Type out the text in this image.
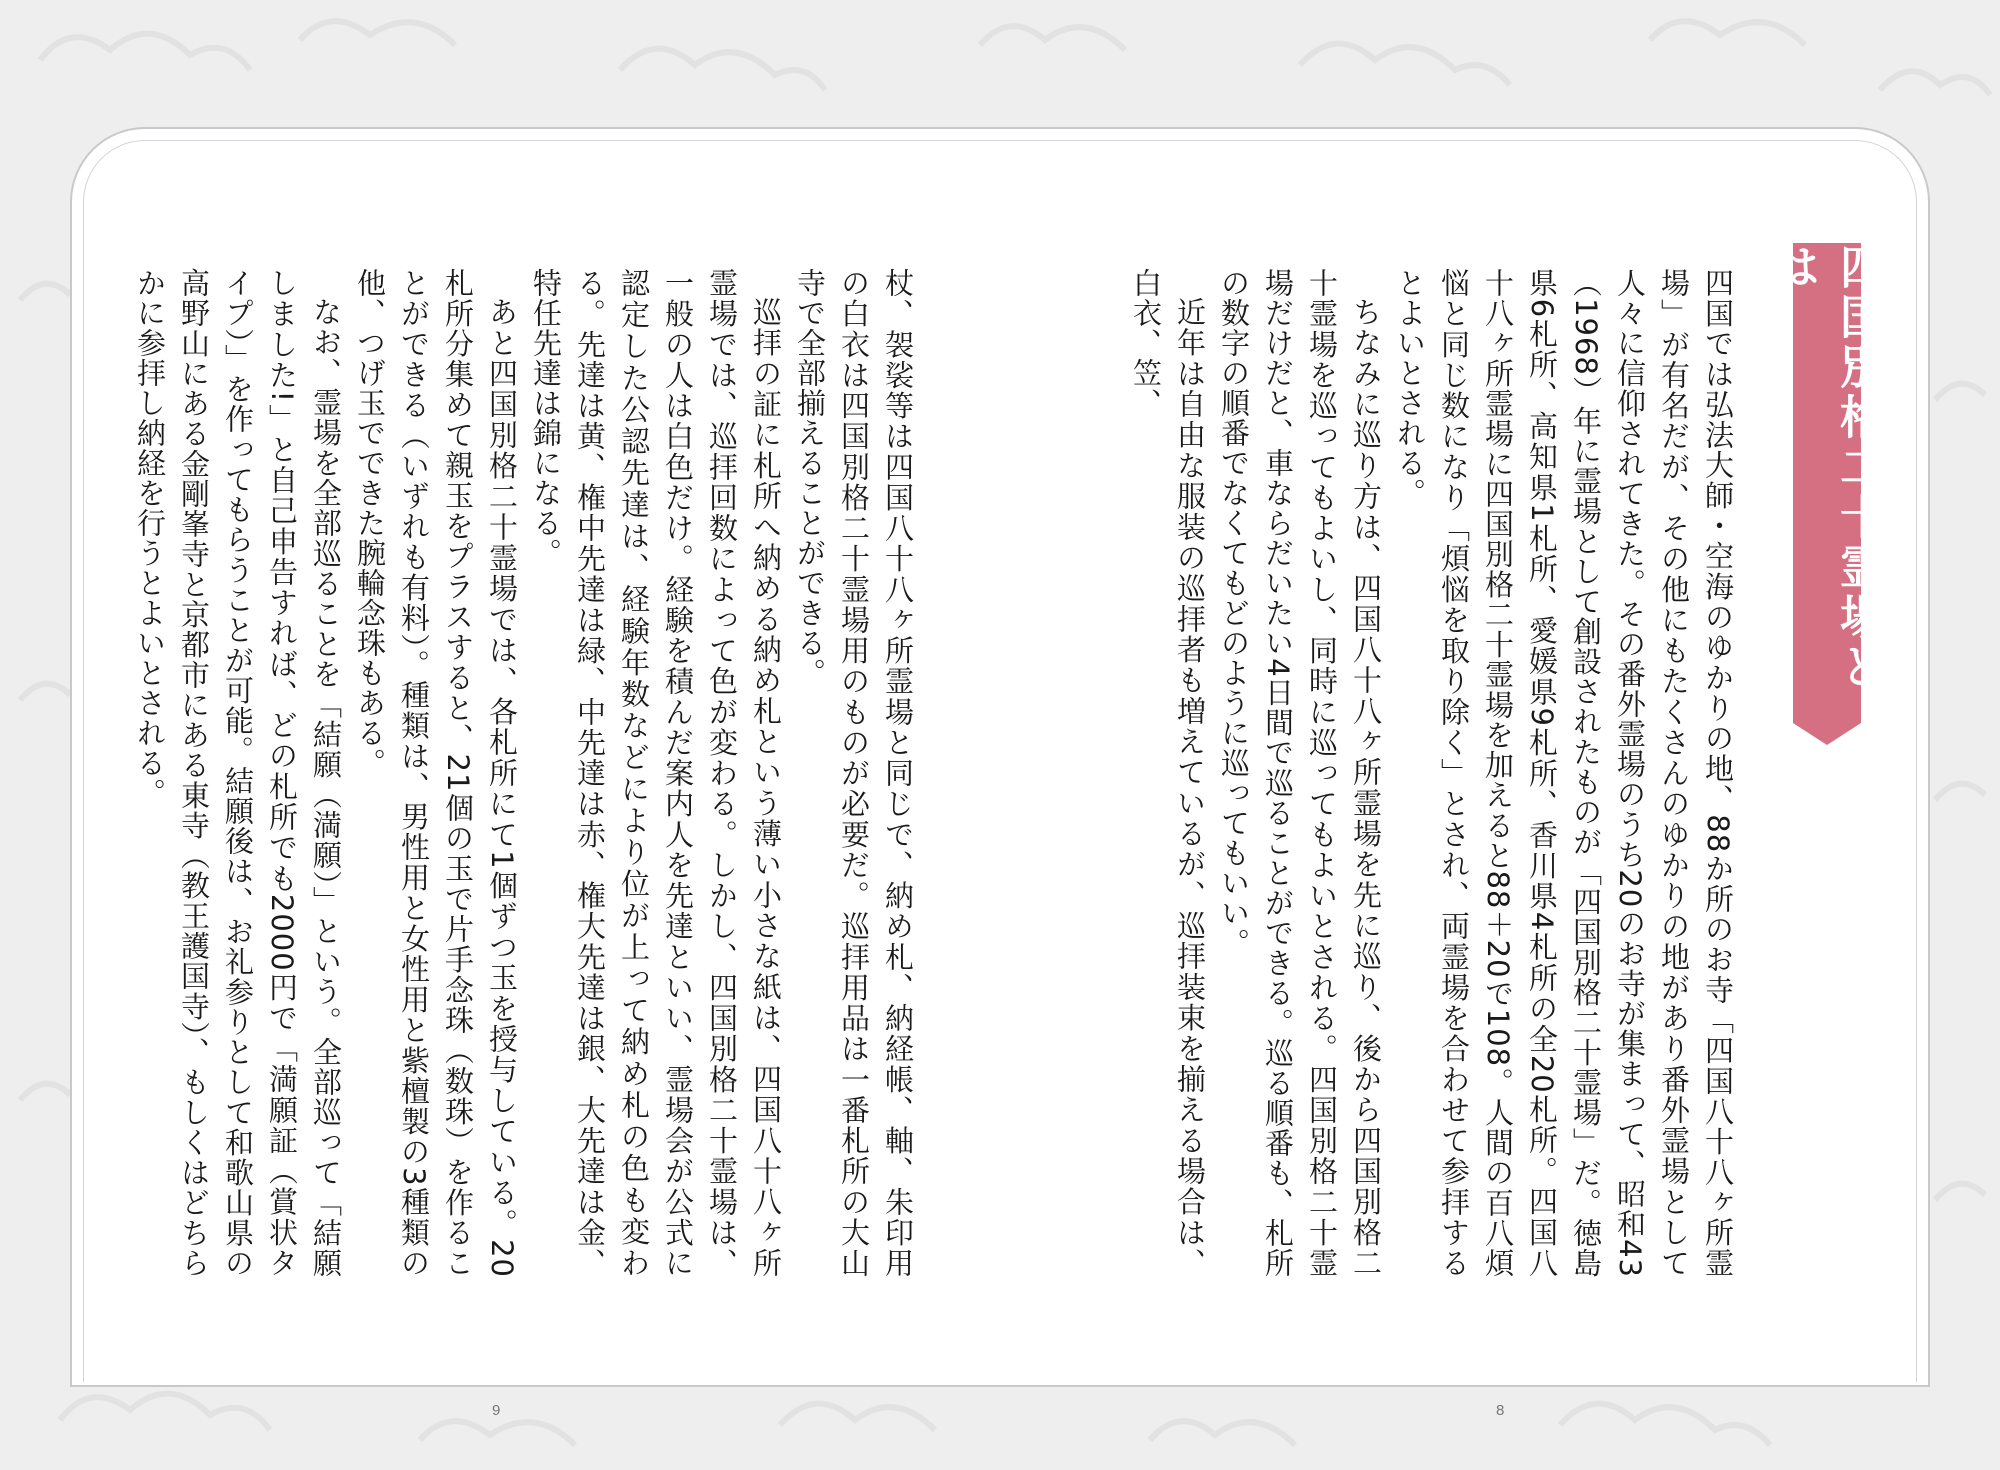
四国別格二十霊場とは

四国では弘法大師・空海のゆかりの地、88か所のお寺「四国八十八ヶ所霊場」が有名だが、その他にもたくさんのゆかりの地があり番外霊場として人々に信仰されてきた。その番外霊場のうち20のお寺が集まって、昭和43（1968）年に霊場として創設されたものが「四国別格二十霊場」だ。徳島県6札所、高知県1札所、愛媛県9札所、香川県4札所の全20札所。四国八十八ヶ所霊場に四国別格二十霊場を加えると88＋20で108。人間の百八煩悩と同じ数になり「煩悩を取り除く」とされ、両霊場を合わせて参拝するとよいとされる。

ちなみに巡り方は、四国八十八ヶ所霊場を先に巡り、後から四国別格二十霊場を巡ってもよいし、同時に巡ってもよいとされる。四国別格二十霊場だけだと、車ならだいたい4日間で巡ることができる。巡る順番も、札所の数字の順番でなくてもどのように巡ってもいい。

近年は自由な服装の巡拝者も増えているが、巡拝装束を揃える場合は、白衣、笠、

杖、袈裟等は四国八十八ヶ所霊場と同じで、納め札、納経帳、軸、朱印用の白衣は四国別格二十霊場用のものが必要だ。巡拝用品は一番札所の大山寺で全部揃えることができる。

巡拝の証に札所へ納める納め札という薄い小さな紙は、四国八十八ヶ所霊場では、巡拝回数によって色が変わる。しかし、四国別格二十霊場は、一般の人は白色だけ。経験を積んだ案内人を先達といい、霊場会が公式に認定した公認先達は、経験年数などにより位が上って納め札の色も変わる。先達は黄、権中先達は緑、中先達は赤、権大先達は銀、大先達は金、特任先達は錦になる。

あと四国別格二十霊場では、各札所にて1個ずつ玉を授与している。20札所分集めて親玉をプラスすると、21個の玉で片手念珠（数珠）を作ることができる（いずれも有料）。種類は、男性用と女性用と紫檀製の3種類の他、つげ玉でできた腕輪念珠もある。

なお、霊場を全部巡ることを「結願（満願）」という。全部巡って「結願しました!」と自己申告すれば、どの札所でも2000円で「満願証（賞状タイプ）」を作ってもらうことが可能。結願後は、お礼参りとして和歌山県の高野山にある金剛峯寺と京都市にある東寺（教王護国寺）、もしくはどちらかに参拝し納経を行うとよいとされる。

9	8
